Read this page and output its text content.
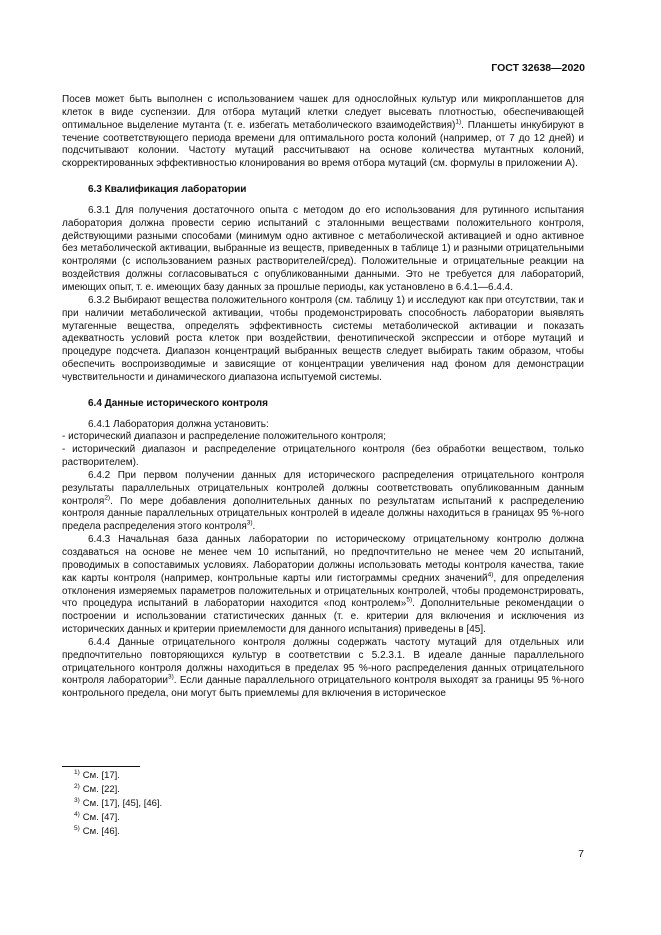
ГОСТ 32638—2020

Посев может быть выполнен с использованием чашек для однослойных культур или микропланшетов для клеток в виде суспензии. Для отбора мутаций клетки следует высевать плотностью, обеспечивающей оптимальное выделение мутанта (т. е. избегать метаболического взаимодействия)$^{1)}$. Планшеты инкубируют в течение соответствующего периода времени для оптимального роста колоний (например, от 7 до 12 дней) и подсчитывают колонии. Частоту мутаций рассчитывают на основе количества мутантных колоний, скорректированных эффективностью клонирования во время отбора мутаций (см. формулы в приложении А).

6.3 Квалификация лаборатории

6.3.1 Для получения достаточного опыта с методом до его использования для рутинного испытания лаборатория должна провести серию испытаний с эталонными веществами положительного контроля, действующими разными способами (минимум одно активное с метаболической активацией и одно активное без метаболической активации, выбранные из веществ, приведенных в таблице 1) и разными отрицательными контролями (с использованием разных растворителей/сред). Положительные и отрицательные реакции на воздействия должны согласовываться с опубликованными данными. Это не требуется для лабораторий, имеющих опыт, т. е. имеющих базу данных за прошлые периоды, как установлено в 6.4.1—6.4.4.

6.3.2 Выбирают вещества положительного контроля (см. таблицу 1) и исследуют как при отсутствии, так и при наличии метаболической активации, чтобы продемонстрировать способность лаборатории выявлять мутагенные вещества, определять эффективность системы метаболической активации и показать адекватность условий роста клеток при воздействии, фенотипической экспрессии и отборе мутаций и процедуре подсчета. Диапазон концентраций выбранных веществ следует выбирать таким образом, чтобы обеспечить воспроизводимые и зависящие от концентрации увеличения над фоном для демонстрации чувствительности и динамического диапазона испытуемой системы.

6.4 Данные исторического контроля

6.4.1 Лаборатория должна установить:

- исторический диапазон и распределение положительного контроля;

- исторический диапазон и распределение отрицательного контроля (без обработки веществом, только растворителем).

6.4.2 При первом получении данных для исторического распределения отрицательного контроля результаты параллельных отрицательных контролей должны соответствовать опубликованным данным контроля$^{2)}$. По мере добавления дополнительных данных по результатам испытаний к распределению контроля данные параллельных отрицательных контролей в идеале должны находиться в границах 95 %-ного предела распределения этого контроля$^{3)}$.

6.4.3 Начальная база данных лаборатории по историческому отрицательному контролю должна создаваться на основе не менее чем 10 испытаний, но предпочтительно не менее чем 20 испытаний, проводимых в сопоставимых условиях. Лаборатории должны использовать методы контроля качества, такие как карты контроля (например, контрольные карты или гистограммы средних значений$^{4)}$, для определения отклонения измеряемых параметров положительных и отрицательных контролей, чтобы продемонстрировать, что процедура испытаний в лаборатории находится «под контролем»$^{5)}$. Дополнительные рекомендации о построении и использовании статистических данных (т. е. критерии для включения и исключения из исторических данных и критерии приемлемости для данного испытания) приведены в [45].

6.4.4 Данные отрицательного контроля должны содержать частоту мутаций для отдельных или предпочтительно повторяющихся культур в соответствии с 5.2.3.1. В идеале данные параллельного отрицательного контроля должны находиться в пределах 95 %-ного распределения данных отрицательного контроля лаборатории$^{3)}$. Если данные параллельного отрицательного контроля выходят за границы 95 %-ного контрольного предела, они могут быть приемлемы для включения в историческое

$^{1)}$ См. [17].
$^{2)}$ См. [22].
$^{3)}$ См. [17], [45], [46].
$^{4)}$ См. [47].
$^{5)}$ См. [46].
7
